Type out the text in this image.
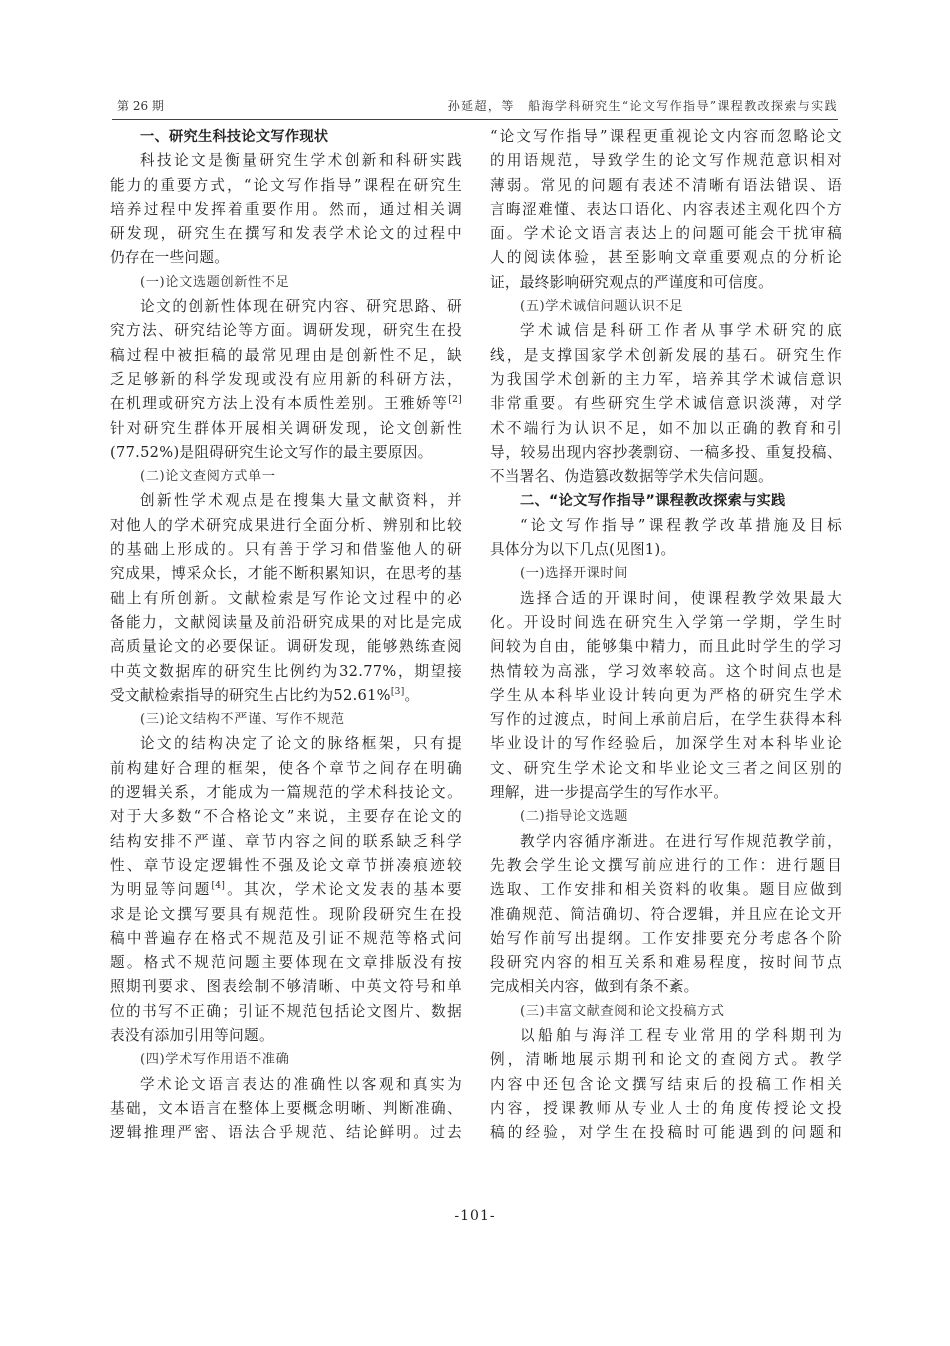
第 26 期	孙延超，等　船海学科研究生“论文写作指导”课程教改探索与实践
一、研究生科技论文写作现状
科技论文是衡量研究生学术创新和科研实践
能力的重要方式，“论文写作指导”课程在研究生
培养过程中发挥着重要作用。然而，通过相关调
研发现，研究生在撰写和发表学术论文的过程中
仍存在一些问题。
(一)论文选题创新性不足
论文的创新性体现在研究内容、研究思路、研
究方法、研究结论等方面。调研发现，研究生在投
稿过程中被拒稿的最常见理由是创新性不足，缺
乏足够新的科学发现或没有应用新的科研方法，
在机理或研究方法上没有本质性差别。王雅娇等[2]
针对研究生群体开展相关调研发现，论文创新性
(77.52%)是阻碍研究生论文写作的最主要原因。
(二)论文查阅方式单一
创新性学术观点是在搜集大量文献资料，并
对他人的学术研究成果进行全面分析、辨别和比较
的基础上形成的。只有善于学习和借鉴他人的研
究成果，博采众长，才能不断积累知识，在思考的基
础上有所创新。文献检索是写作论文过程中的必
备能力，文献阅读量及前沿研究成果的对比是完成
高质量论文的必要保证。调研发现，能够熟练查阅
中英文数据库的研究生比例约为32.77%，期望接
受文献检索指导的研究生占比约为52.61%[3]。
(三)论文结构不严谨、写作不规范
论文的结构决定了论文的脉络框架，只有提
前构建好合理的框架，使各个章节之间存在明确
的逻辑关系，才能成为一篇规范的学术科技论文。
对于大多数“不合格论文”来说，主要存在论文的
结构安排不严谨、章节内容之间的联系缺乏科学
性、章节设定逻辑性不强及论文章节拼凑痕迹较
为明显等问题[4]。其次，学术论文发表的基本要
求是论文撰写要具有规范性。现阶段研究生在投
稿中普遍存在格式不规范及引证不规范等格式问
题。格式不规范问题主要体现在文章排版没有按
照期刊要求、图表绘制不够清晰、中英文符号和单
位的书写不正确；引证不规范包括论文图片、数据
表没有添加引用等问题。
(四)学术写作用语不准确
学术论文语言表达的准确性以客观和真实为
基础，文本语言在整体上要概念明晰、判断准确、
逻辑推理严密、语法合乎规范、结论鲜明。过去
“论文写作指导”课程更重视论文内容而忽略论文
的用语规范，导致学生的论文写作规范意识相对
薄弱。常见的问题有表述不清晰有语法错误、语
言晦涩难懂、表达口语化、内容表述主观化四个方
面。学术论文语言表达上的问题可能会干扰审稿
人的阅读体验，甚至影响文章重要观点的分析论
证，最终影响研究观点的严谨度和可信度。
(五)学术诚信问题认识不足
学术诚信是科研工作者从事学术研究的底
线，是支撑国家学术创新发展的基石。研究生作
为我国学术创新的主力军，培养其学术诚信意识
非常重要。有些研究生学术诚信意识淡薄，对学
术不端行为认识不足，如不加以正确的教育和引
导，较易出现内容抄袭剽窃、一稿多投、重复投稿、
不当署名、伪造篡改数据等学术失信问题。
二、“论文写作指导”课程教改探索与实践
“论文写作指导”课程教学改革措施及目标
具体分为以下几点(见图1)。
(一)选择开课时间
选择合适的开课时间，使课程教学效果最大
化。开设时间选在研究生入学第一学期，学生时
间较为自由，能够集中精力，而且此时学生的学习
热情较为高涨，学习效率较高。这个时间点也是
学生从本科毕业设计转向更为严格的研究生学术
写作的过渡点，时间上承前启后，在学生获得本科
毕业设计的写作经验后，加深学生对本科毕业论
文、研究生学术论文和毕业论文三者之间区别的
理解，进一步提高学生的写作水平。
(二)指导论文选题
教学内容循序渐进。在进行写作规范教学前，
先教会学生论文撰写前应进行的工作：进行题目
选取、工作安排和相关资料的收集。题目应做到
准确规范、简洁确切、符合逻辑，并且应在论文开
始写作前写出提纲。工作安排要充分考虑各个阶
段研究内容的相互关系和难易程度，按时间节点
完成相关内容，做到有条不紊。
(三)丰富文献查阅和论文投稿方式
以船舶与海洋工程专业常用的学科期刊为
例，清晰地展示期刊和论文的查阅方式。教学
内容中还包含论文撰写结束后的投稿工作相关
内容，授课教师从专业人士的角度传授论文投
稿的经验，对学生在投稿时可能遇到的问题和
-101-
